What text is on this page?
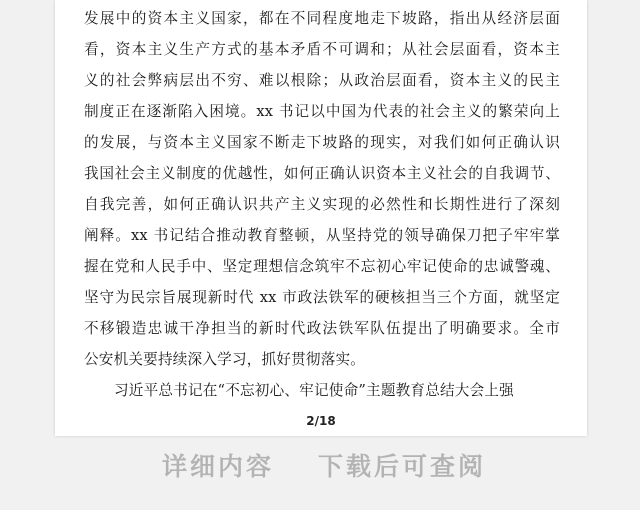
发展中的资本主义国家，都在不同程度地走下坡路，指出从经济层面
看，资本主义生产方式的基本矛盾不可调和；从社会层面看，资本主
义的社会弊病层出不穷、难以根除；从政治层面看，资本主义的民主
制度正在逐渐陷入困境。xx 书记以中国为代表的社会主义的繁荣向上
的发展，与资本主义国家不断走下坡路的现实，对我们如何正确认识
我国社会主义制度的优越性，如何正确认识资本主义社会的自我调节、
自我完善，如何正确认识共产主义实现的必然性和长期性进行了深刻
阐释。xx 书记结合推动教育整顿，从坚持党的领导确保刀把子牢牢掌
握在党和人民手中、坚定理想信念筑牢不忘初心牢记使命的忠诚警魂、
坚守为民宗旨展现新时代 xx 市政法铁军的硬核担当三个方面，就坚定
不移锻造忠诚干净担当的新时代政法铁军队伍提出了明确要求。全市
公安机关要持续深入学习，抓好贯彻落实。
习近平总书记在“不忘初心、牢记使命”主题教育总结大会上强
2/18
详细内容 下载后可查阅
